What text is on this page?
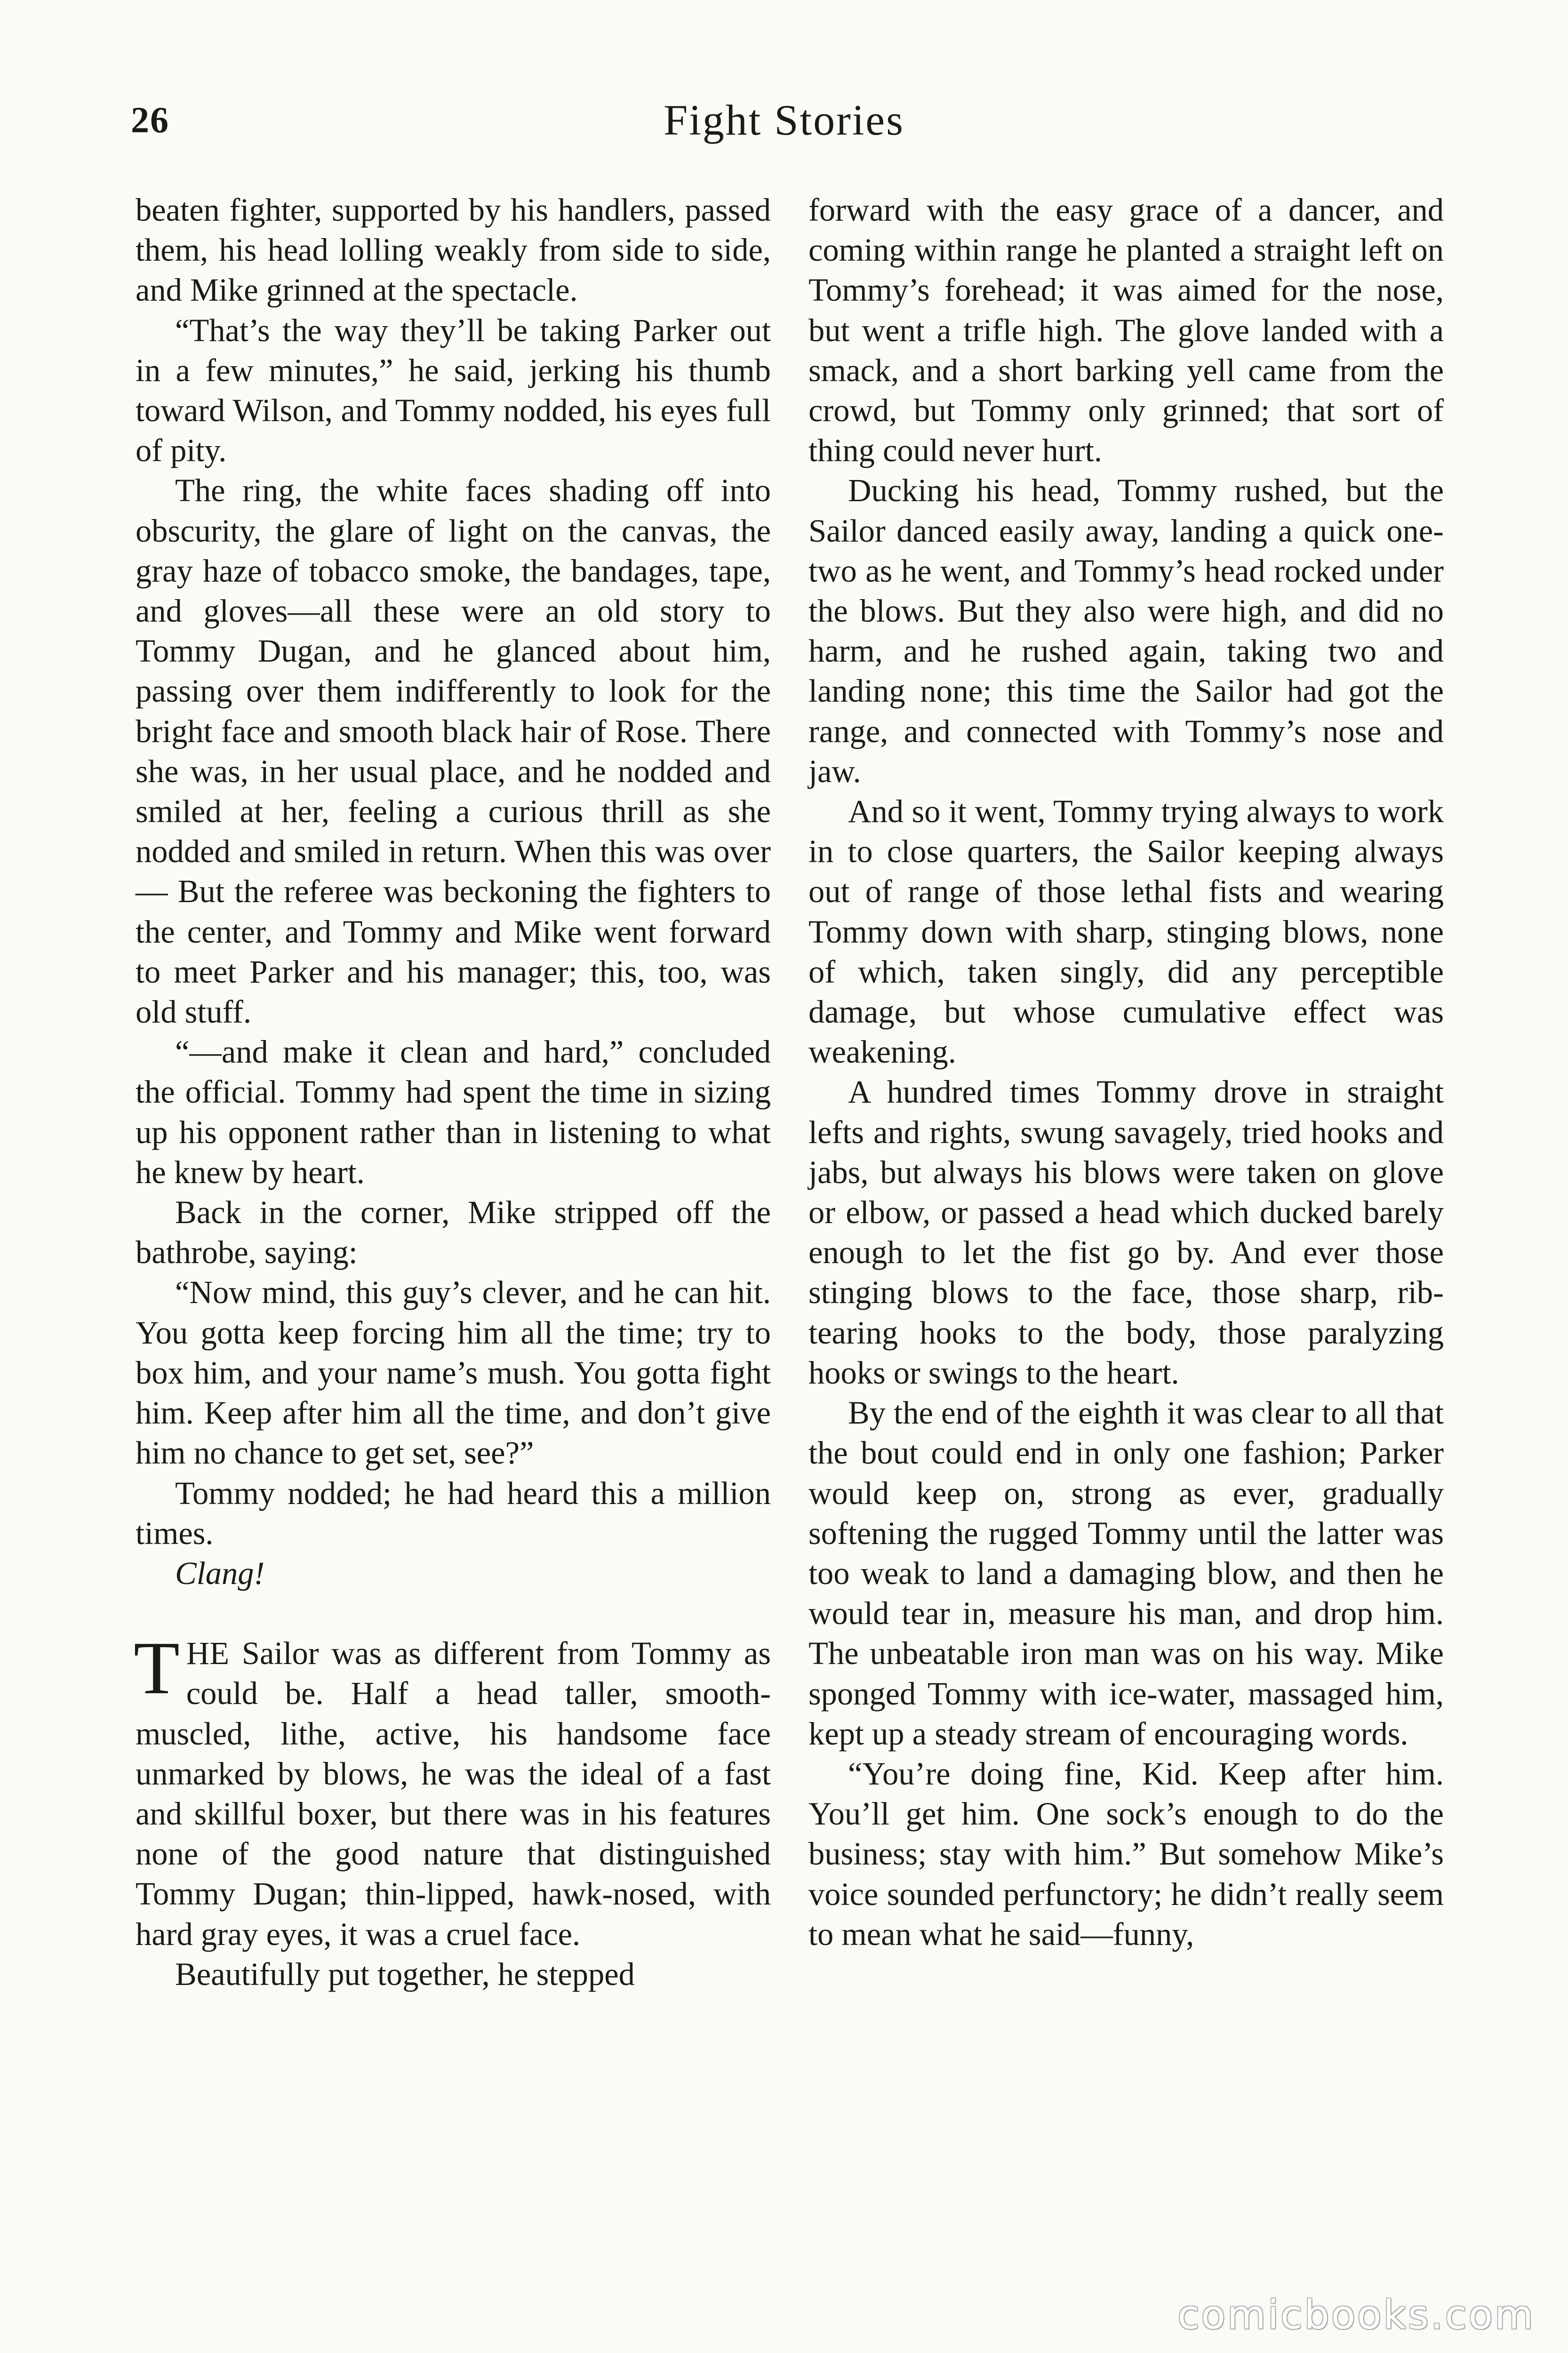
26	Fight Stories

beaten fighter, supported by his handlers, passed them, his head lolling weakly from side to side, and Mike grinned at the spectacle.

“That’s the way they’ll be taking Parker out in a few minutes,” he said, jerking his thumb toward Wilson, and Tommy nodded, his eyes full of pity.

The ring, the white faces shading off into obscurity, the glare of light on the canvas, the gray haze of tobacco smoke, the bandages, tape, and gloves—all these were an old story to Tommy Dugan, and he glanced about him, passing over them indifferently to look for the bright face and smooth black hair of Rose. There she was, in her usual place, and he nodded and smiled at her, feeling a curious thrill as she nodded and smiled in return. When this was over— But the referee was beckoning the fighters to the center, and Tommy and Mike went forward to meet Parker and his manager; this, too, was old stuff.

“—and make it clean and hard,” concluded the official. Tommy had spent the time in sizing up his opponent rather than in listening to what he knew by heart.

Back in the corner, Mike stripped off the bathrobe, saying:

“Now mind, this guy’s clever, and he can hit. You gotta keep forcing him all the time; try to box him, and your name’s mush. You gotta fight him. Keep after him all the time, and don’t give him no chance to get set, see?”

Tommy nodded; he had heard this a million times.

Clang!

THE Sailor was as different from Tommy as could be. Half a head taller, smooth-muscled, lithe, active, his handsome face unmarked by blows, he was the ideal of a fast and skillful boxer, but there was in his features none of the good nature that distinguished Tommy Dugan; thin-lipped, hawk-nosed, with hard gray eyes, it was a cruel face.

Beautifully put together, he stepped

forward with the easy grace of a dancer, and coming within range he planted a straight left on Tommy’s forehead; it was aimed for the nose, but went a trifle high. The glove landed with a smack, and a short barking yell came from the crowd, but Tommy only grinned; that sort of thing could never hurt.

Ducking his head, Tommy rushed, but the Sailor danced easily away, landing a quick one-two as he went, and Tommy’s head rocked under the blows. But they also were high, and did no harm, and he rushed again, taking two and landing none; this time the Sailor had got the range, and connected with Tommy’s nose and jaw.

And so it went, Tommy trying always to work in to close quarters, the Sailor keeping always out of range of those lethal fists and wearing Tommy down with sharp, stinging blows, none of which, taken singly, did any perceptible damage, but whose cumulative effect was weakening.

A hundred times Tommy drove in straight lefts and rights, swung savagely, tried hooks and jabs, but always his blows were taken on glove or elbow, or passed a head which ducked barely enough to let the fist go by. And ever those stinging blows to the face, those sharp, rib-tearing hooks to the body, those paralyzing hooks or swings to the heart.

By the end of the eighth it was clear to all that the bout could end in only one fashion; Parker would keep on, strong as ever, gradually softening the rugged Tommy until the latter was too weak to land a damaging blow, and then he would tear in, measure his man, and drop him. The unbeatable iron man was on his way. Mike sponged Tommy with ice-water, massaged him, kept up a steady stream of encouraging words.

“You’re doing fine, Kid. Keep after him. You’ll get him. One sock’s enough to do the business; stay with him.” But somehow Mike’s voice sounded perfunctory; he didn’t really seem to mean what he said—funny,

comicbooks.com
